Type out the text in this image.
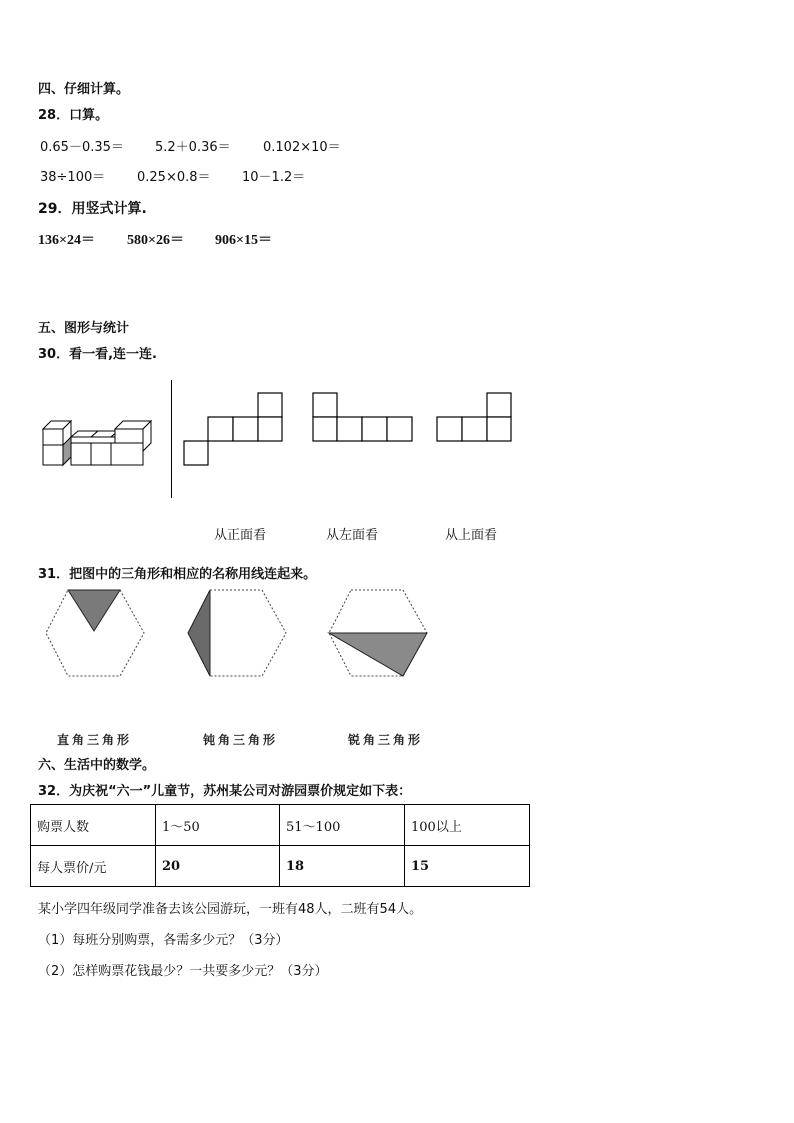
四、仔细计算。
28．口算。
0.65－0.35＝ 5.2＋0.36＝ 0.102×10＝
38÷100＝ 0.25×0.8＝ 10－1.2＝
29．用竖式计算.
136×24＝ 580×26＝ 906×15＝
五、图形与统计
30．看一看,连一连.
从正面看	从左面看	从上面看
31．把图中的三角形和相应的名称用线连起来。
直角三角形	钝角三角形	锐角三角形
六、生活中的数学。
32．为庆祝“六一”儿童节，苏州某公司对游园票价规定如下表：
购票人数	1～50	51～100	100以上
每人票价/元	20	18	15
某小学四年级同学准备去该公园游玩，一班有48人，二班有54人。
（1）每班分别购票，各需多少元？（3分）
（2）怎样购票花钱最少？一共要多少元？（3分）
